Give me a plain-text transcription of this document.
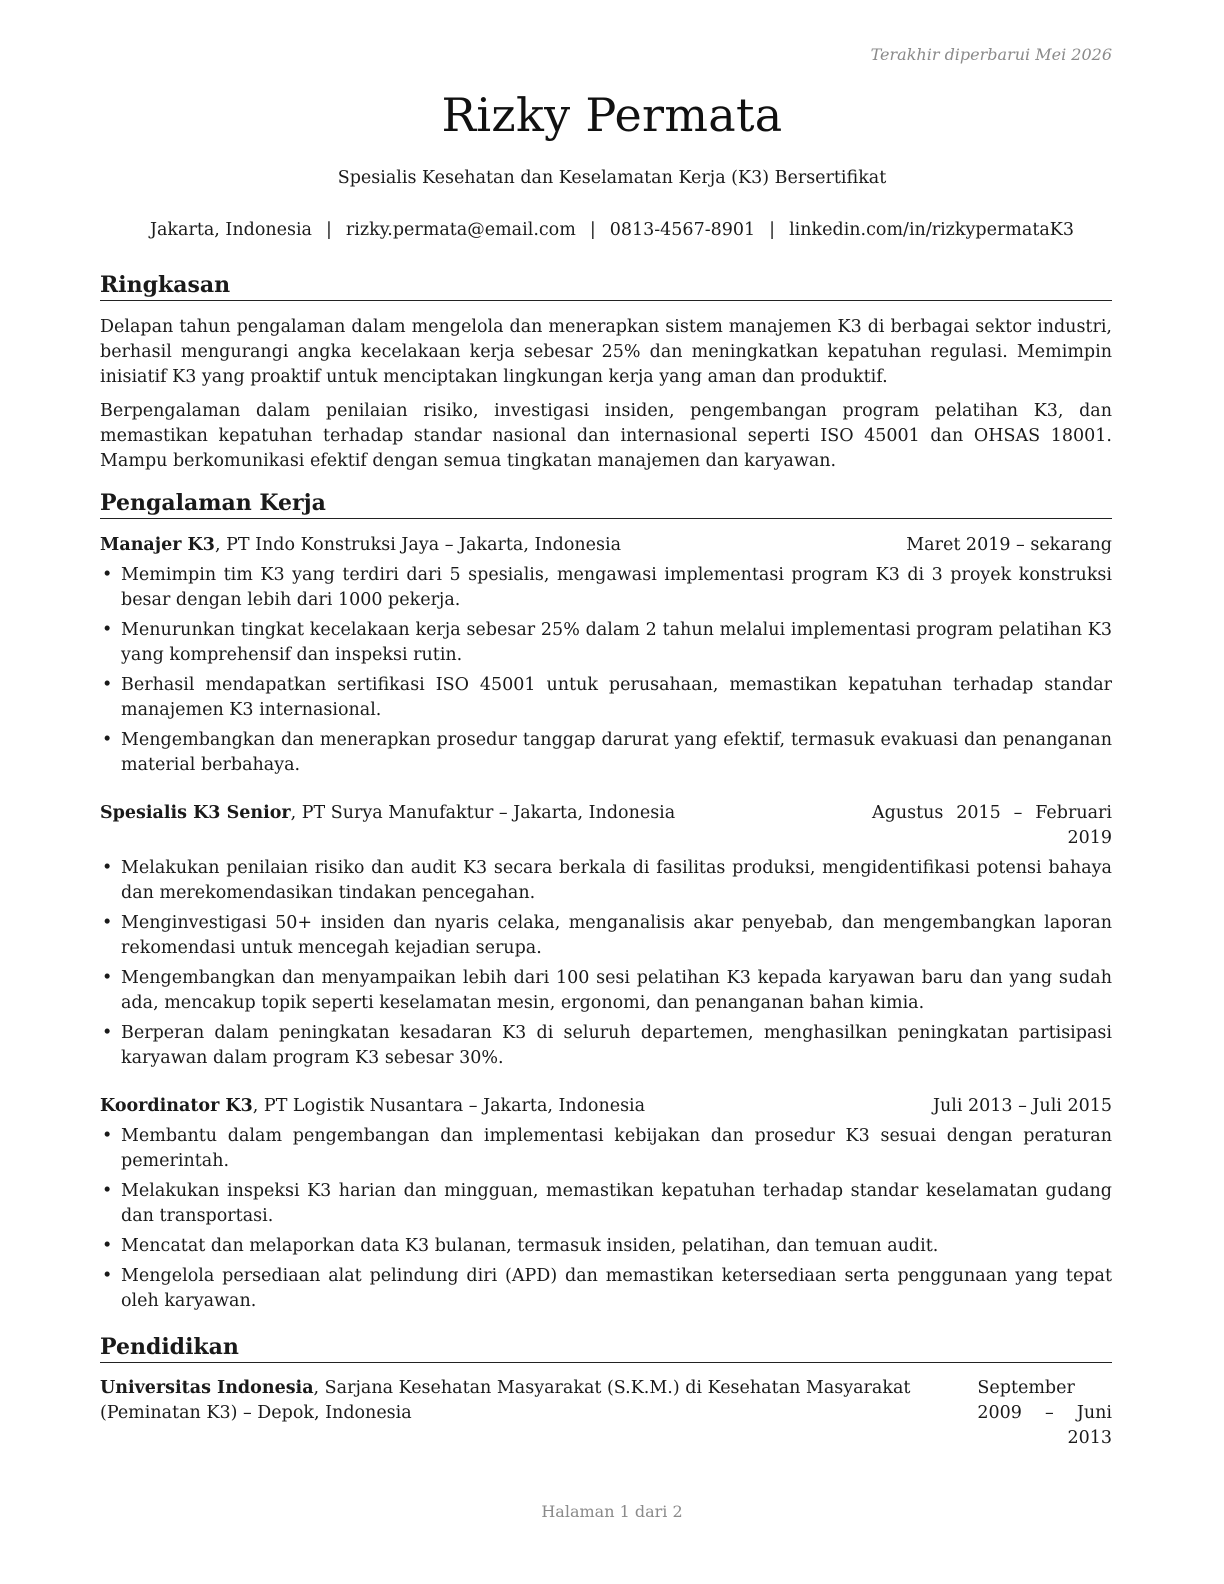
Terakhir diperbarui Mei 2026
Rizky Permata
Spesialis Kesehatan dan Keselamatan Kerja (K3) Bersertifikat
Jakarta, Indonesia | rizky.permata@email.com | 0813-4567-8901 | linkedin.com/in/rizkypermataK3
Ringkasan
Delapan tahun pengalaman dalam mengelola dan menerapkan sistem manajemen K3 di berbagai sektor industri, berhasil mengurangi angka kecelakaan kerja sebesar 25% dan meningkatkan kepatuhan regulasi. Memimpin inisiatif K3 yang proaktif untuk menciptakan lingkungan kerja yang aman dan produktif.
Berpengalaman dalam penilaian risiko, investigasi insiden, pengembangan program pelatihan K3, dan memastikan kepatuhan terhadap standar nasional dan internasional seperti ISO 45001 dan OHSAS 18001. Mampu berkomunikasi efektif dengan semua tingkatan manajemen dan karyawan.
Pengalaman Kerja
Manajer K3, PT Indo Konstruksi Jaya – Jakarta, Indonesia	Maret 2019 – sekarang
• Memimpin tim K3 yang terdiri dari 5 spesialis, mengawasi implementasi program K3 di 3 proyek konstruksi besar dengan lebih dari 1000 pekerja.
• Menurunkan tingkat kecelakaan kerja sebesar 25% dalam 2 tahun melalui implementasi program pelatihan K3 yang komprehensif dan inspeksi rutin.
• Berhasil mendapatkan sertifikasi ISO 45001 untuk perusahaan, memastikan kepatuhan terhadap standar manajemen K3 internasional.
• Mengembangkan dan menerapkan prosedur tanggap darurat yang efektif, termasuk evakuasi dan penanganan material berbahaya.
Spesialis K3 Senior, PT Surya Manufaktur – Jakarta, Indonesia	Agustus 2015 – Februari 2019
• Melakukan penilaian risiko dan audit K3 secara berkala di fasilitas produksi, mengidentifikasi potensi bahaya dan merekomendasikan tindakan pencegahan.
• Menginvestigasi 50+ insiden dan nyaris celaka, menganalisis akar penyebab, dan mengembangkan laporan rekomendasi untuk mencegah kejadian serupa.
• Mengembangkan dan menyampaikan lebih dari 100 sesi pelatihan K3 kepada karyawan baru dan yang sudah ada, mencakup topik seperti keselamatan mesin, ergonomi, dan penanganan bahan kimia.
• Berperan dalam peningkatan kesadaran K3 di seluruh departemen, menghasilkan peningkatan partisipasi karyawan dalam program K3 sebesar 30%.
Koordinator K3, PT Logistik Nusantara – Jakarta, Indonesia	Juli 2013 – Juli 2015
• Membantu dalam pengembangan dan implementasi kebijakan dan prosedur K3 sesuai dengan peraturan pemerintah.
• Melakukan inspeksi K3 harian dan mingguan, memastikan kepatuhan terhadap standar keselamatan gudang dan transportasi.
• Mencatat dan melaporkan data K3 bulanan, termasuk insiden, pelatihan, dan temuan audit.
• Mengelola persediaan alat pelindung diri (APD) dan memastikan ketersediaan serta penggunaan yang tepat oleh karyawan.
Pendidikan
Universitas Indonesia, Sarjana Kesehatan Masyarakat (S.K.M.) di Kesehatan Masyarakat (Peminatan K3) – Depok, Indonesia
September 2009 – Juni 2013
Halaman 1 dari 2
